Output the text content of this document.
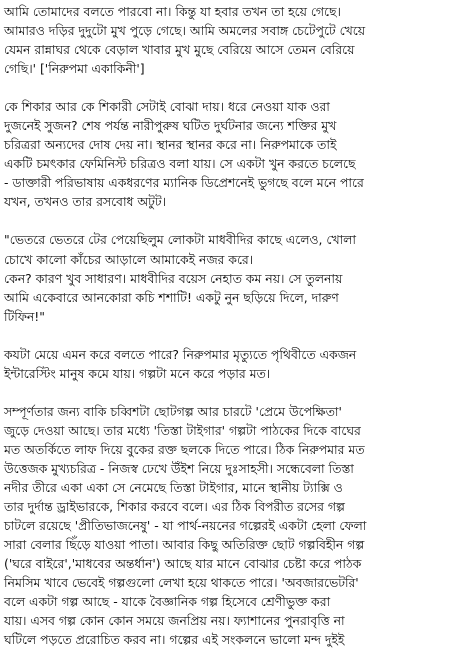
আমি তোমাদের বলতে পারবো না। কিন্তু যা হবার তখন তা হয়ে গেছে।
আমারও দড়ির দুদুটো মুখ পুড়ে গেছে। আমি অমলের সবাঙ্গ চেটেপুটে খেয়ে
যেমন রান্নাঘর থেকে বেড়াল খাবার মুখ মুছে বেরিয়ে আসে তেমন বেরিয়ে
গেছি।' ['নিরুপমা একাকিনী']

কে শিকার আর কে শিকারী সেটাই বোঝা দায়। ধরে নেওয়া যাক ওরা
দুজনেই সুজন? শেষ পর্যন্ত নারীপুরুষ ঘটিত দুর্ঘটনার জন্যে শক্তির মুখ
চরিত্ররা অন্যদের দোষ দেয় না। স্থানর স্থানর করে না। নিরুপমাকে তাই
একটি চমৎকার ফেমিনিস্ট চরিত্রও বলা যায়। সে একটা খুন করতে চলেছে
- ডাক্তারী পরিভাষায় একধরণের ম্যানিক ডিপ্রেশনেই ভুগছে বলে মনে পারে
যখন, তখনও তার রসবোধ অটুট।

"ভেতরে ভেতরে টের পেয়েছিলুম লোকটা মাধবীদির কাছে এলেও, খোলা
চোখে কালো কাঁচের আড়ালে আমাকেই নজর করে।
কেন? কারণ খুব সাধারণ। মাধবীদির বয়েস নেহাত কম নয়। সে তুলনায়
আমি একেবারে আনকোরা কচি শশাটি! একটু নুন ছড়িয়ে দিলে, দারুণ
টিফিন!"

কযটা মেয়ে এমন করে বলতে পারে? নিরুপমার মৃত্যুতে পৃথিবীতে একজন
ইন্টারেস্টিং মানুষ কমে যায়। গল্পটা মনে করে পড়ার মত।

সম্পূর্ণতার জন্য বাকি চব্বিশটা ছোটগল্প আর চারটে 'প্রেমে উপেক্ষিতা'
জুড়ে দেওয়া আছে। তার মধ্যে 'তিস্তা টাইগার' গল্পটা পাঠকের দিকে বাঘের
মত অতর্কিতে লাফ দিয়ে বুকের রক্ত ছলকে দিতে পারে। ঠিক নিরুপমার মত
উত্তেজক মুখ্যচরিত্র - নিজস্ব ঢেখে উঁইশ নিয়ে দুঃসাহসী। সন্ধেবেলা তিস্তা
নদীর তীরে একা একা সে নেমেছে তিস্তা টাইগার, মানে স্থানীয় ট্যাক্সি ও
তার দুর্দান্ত ড্রাইভারকে, শিকার করবে বলে। এর ঠিক বিপরীত রসের গল্প
চাটলে রয়েছে 'প্রীতিভাজনেষু' - যা পার্থ-নয়নের গল্পেরই একটা হেলা ফেলা
সারা বেলার ছিঁড়ে যাওয়া পাতা। আবার কিছু অতিরিক্ত ছোট গল্পবিহীন গল্প
('ঘরে বাইরে','মাধবের অন্তর্ধান') আছে যার মানে বোঝার চেষ্টা করে পাঠক
নিমসিম খাবে ভেবেই গল্পগুলো লেখা হয়ে থাকতে পারে। 'অবজারভেটরি'
বলে একটা গল্প আছে - যাকে বৈজ্ঞানিক গল্প হিসেবে শ্রেণীভুক্ত করা
যায়। এসব গল্প কোন কোন সময়ে জনপ্রিয় নয়। ফ্যাশানের পুনরাবৃত্তি না
ঘটিলে পড়তে প্ররোচিত করব না। গল্পের এই সংকলনে ভালো মন্দ দুইই
